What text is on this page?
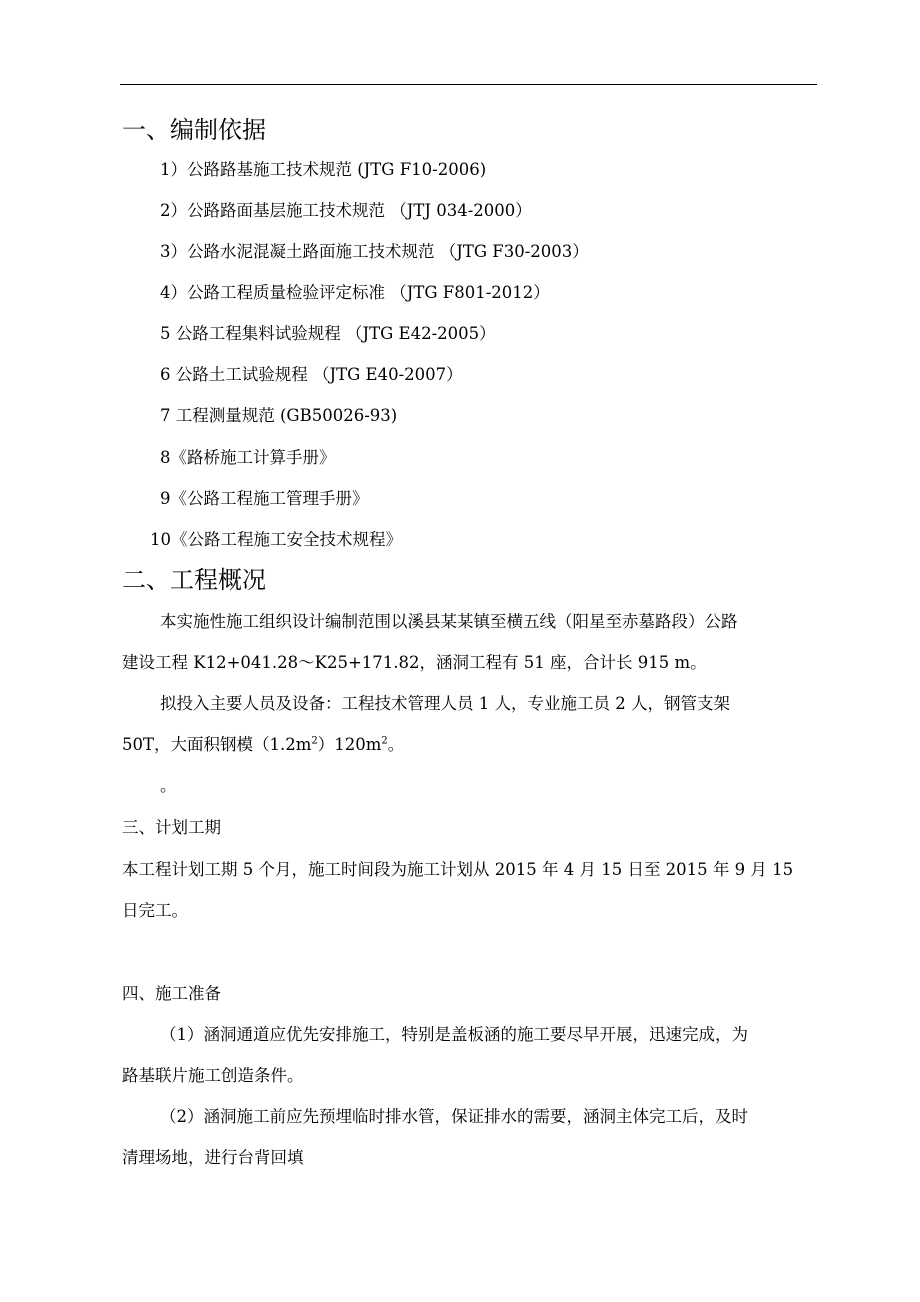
一、编制依据
1）公路路基施工技术规范 (JTG F10-2006)
2）公路路面基层施工技术规范 （JTJ 034-2000）
3）公路水泥混凝土路面施工技术规范 （JTG F30-2003）
4）公路工程质量检验评定标准 （JTG F801-2012）
5 公路工程集料试验规程 （JTG E42-2005）
6 公路土工试验规程 （JTG E40-2007）
7 工程测量规范 (GB50026-93)
8《路桥施工计算手册》
9《公路工程施工管理手册》
10《公路工程施工安全技术规程》
二、工程概况
本实施性施工组织设计编制范围以溪县某某镇至横五线（阳星至赤墓路段）公路
建设工程 K12+041.28～K25+171.82，涵洞工程有 51 座，合计长 915 m。
拟投入主要人员及设备：工程技术管理人员 1 人，专业施工员 2 人，钢管支架
50T，大面积钢模$(1.2m^2)120m^2$。
。
三、计划工期
本工程计划工期 5 个月，施工时间段为施工计划从 2015 年 4 月 15 日至 2015 年 9 月 15
日完工。
四、施工准备
（1）涵洞通道应优先安排施工，特别是盖板涵的施工要尽早开展，迅速完成，为
路基联片施工创造条件。
（2）涵洞施工前应先预埋临时排水管，保证排水的需要，涵洞主体完工后，及时
清理场地，进行台背回填
